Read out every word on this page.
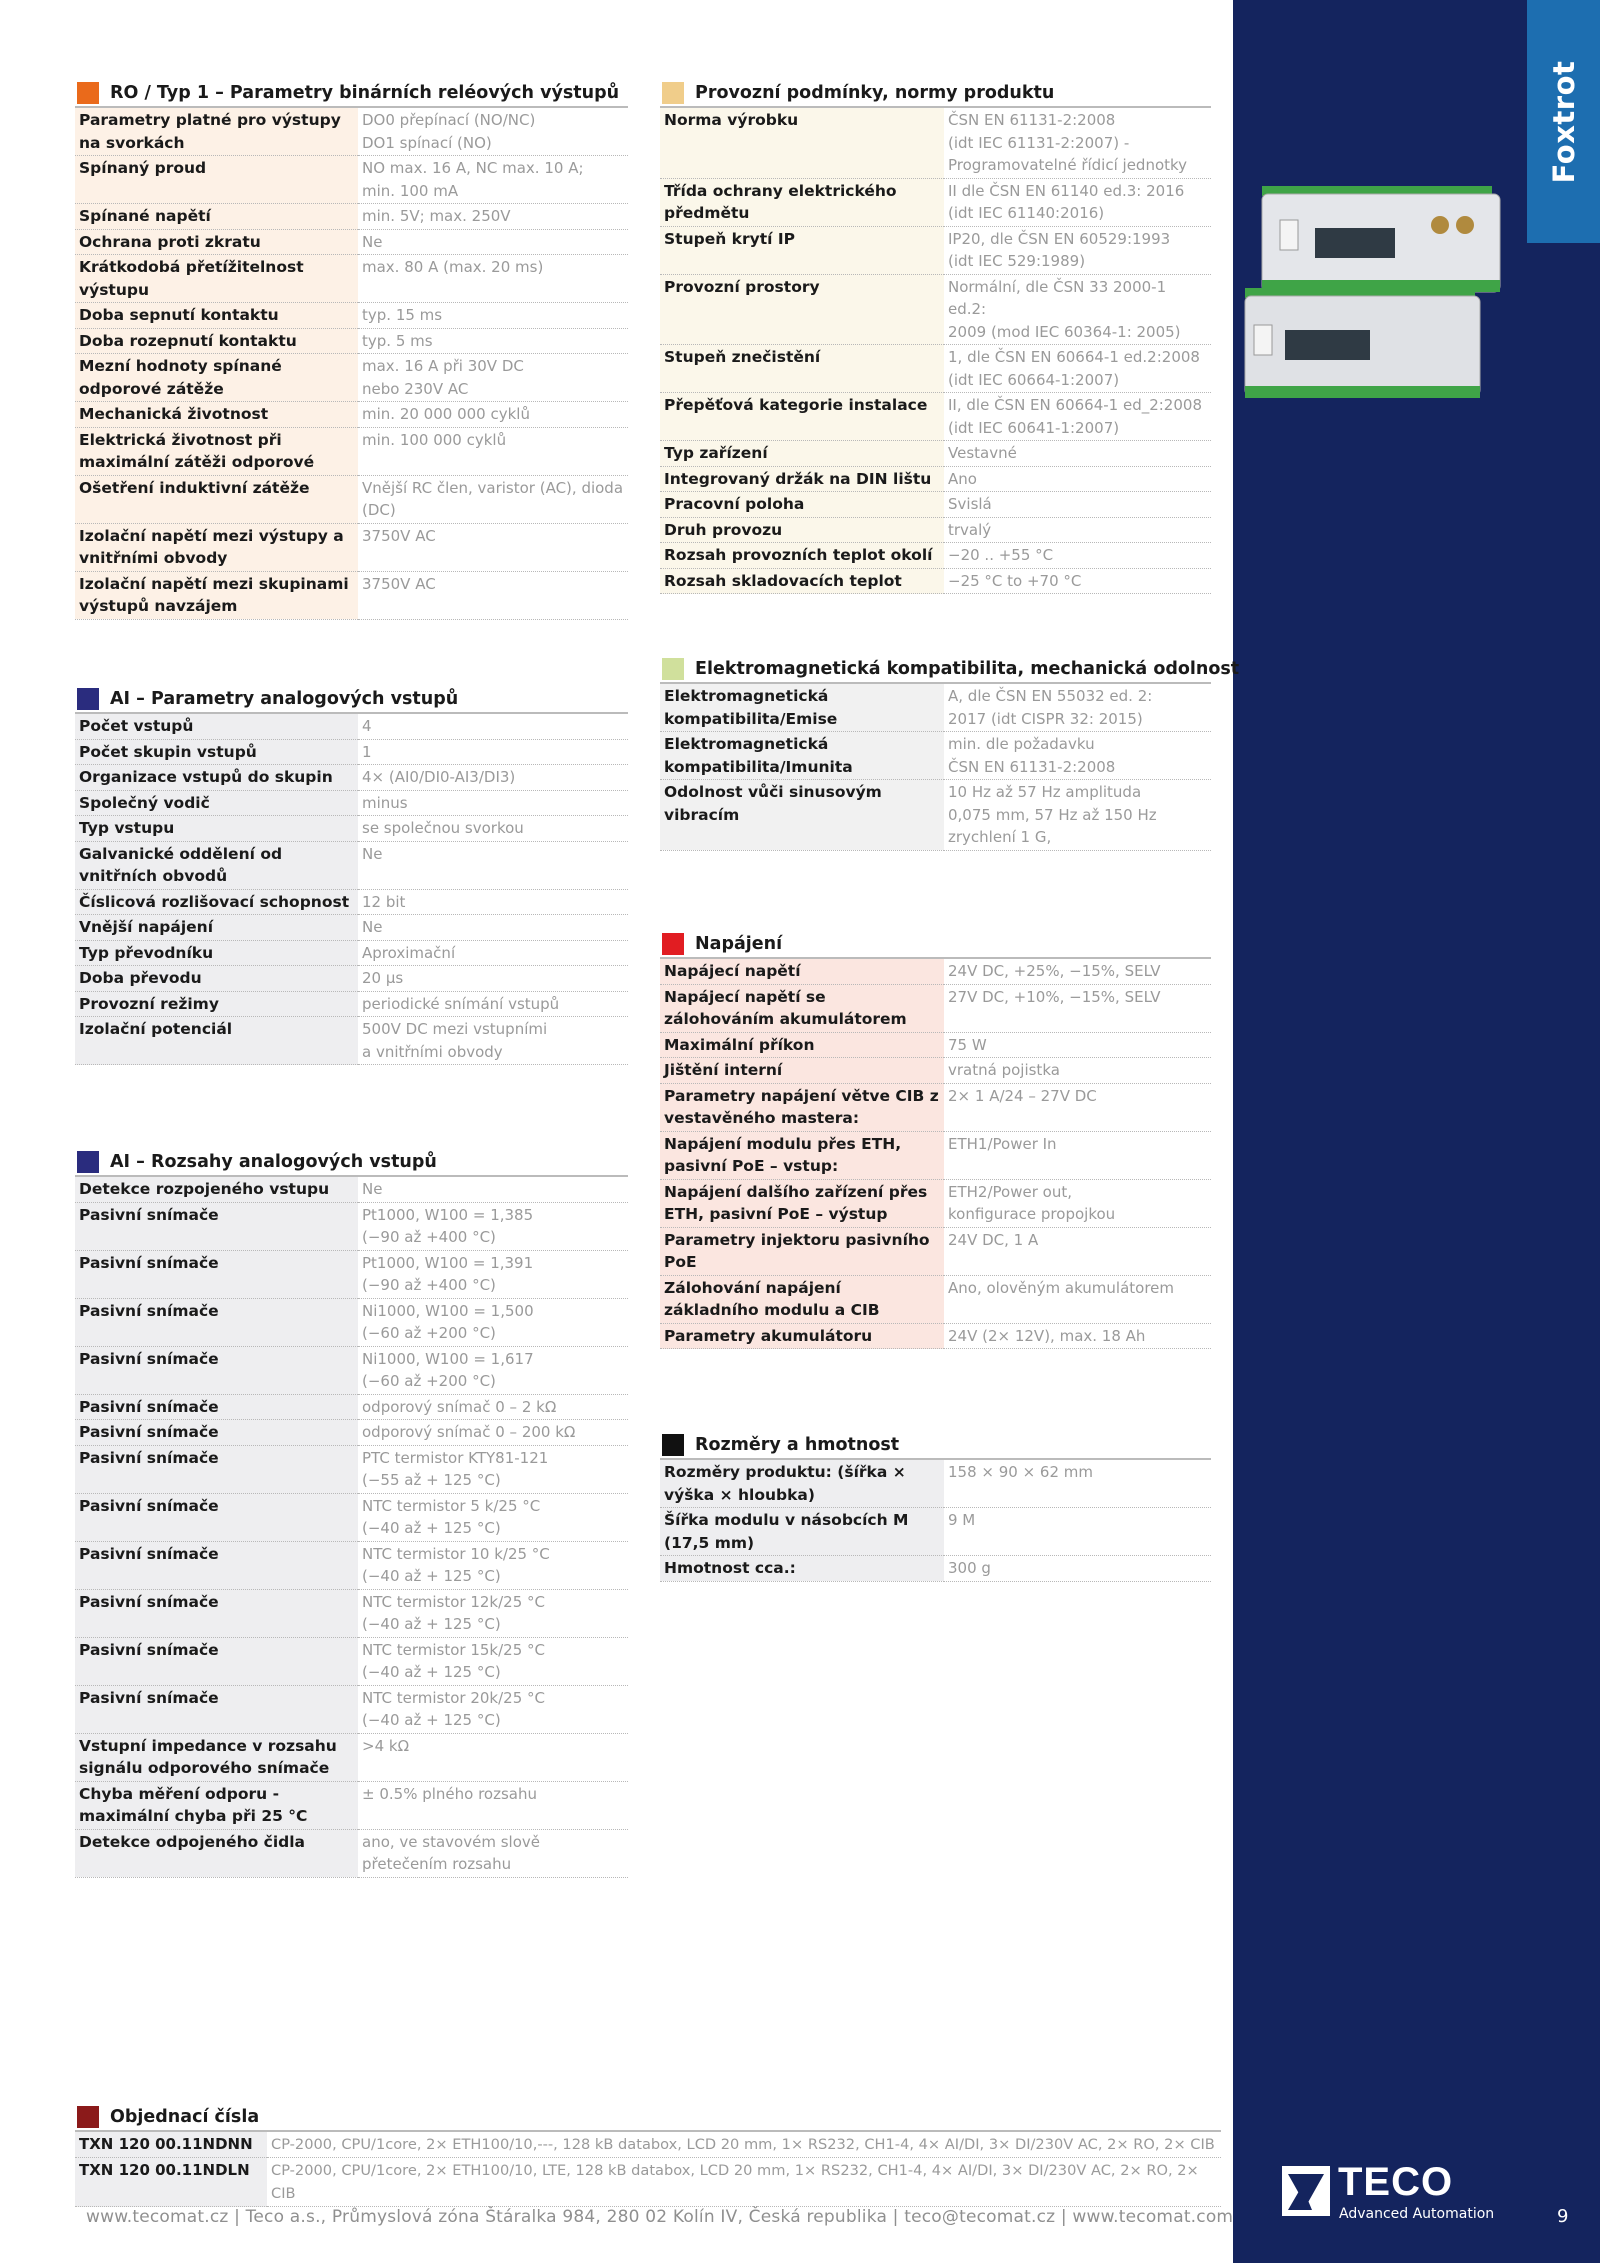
Foxtrot
RO / Typ 1 – Parametry binárních reléových výstupů
Parametry platné pro výstupy na svorkách	DO0 přepínací (NO/NC)
DO1 spínací (NO)
Spínaný proud	NO max. 16 A, NC max. 10 A;
min. 100 mA
Spínané napětí	min. 5V; max. 250V
Ochrana proti zkratu	Ne
Krátkodobá přetížitelnost výstupu	max. 80 A (max. 20 ms)
Doba sepnutí kontaktu	typ. 15 ms
Doba rozepnutí kontaktu	typ. 5 ms
Mezní hodnoty spínané odporové zátěže	max. 16 A při 30V DC
nebo 230V AC
Mechanická životnost	min. 20 000 000 cyklů
Elektrická životnost při maximální zátěži odporové	min. 100 000 cyklů
Ošetření induktivní zátěže	Vnější RC člen, varistor (AC), dioda (DC)
Izolační napětí mezi výstupy a vnitřními obvody	3750V AC
Izolační napětí mezi skupinami výstupů navzájem	3750V AC
Provozní podmínky, normy produktu
Norma výrobku	ČSN EN 61131-2:2008
(idt IEC 61131-2:2007) -
Programovatelné řídicí jednotky
Třída ochrany elektrického předmětu	II dle ČSN EN 61140 ed.3: 2016
(idt IEC 61140:2016)
Stupeň krytí IP	IP20, dle ČSN EN 60529:1993
(idt IEC 529:1989)
Provozní prostory	Normální, dle ČSN 33 2000-1 ed.2:
2009 (mod IEC 60364-1: 2005)
Stupeň znečistění	1, dle ČSN EN 60664-1 ed.2:2008
(idt IEC 60664-1:2007)
Přepěťová kategorie instalace	II, dle ČSN EN 60664-1 ed_2:2008
(idt IEC 60641-1:2007)
Typ zařízení	Vestavné
Integrovaný držák na DIN lištu	Ano
Pracovní poloha	Svislá
Druh provozu	trvalý
Rozsah provozních teplot okolí	−20 .. +55 °C
Rozsah skladovacích teplot	−25 °C to +70 °C
AI – Parametry analogových vstupů
Počet vstupů	4
Počet skupin vstupů	1
Organizace vstupů do skupin	4× (AI0/DI0-AI3/DI3)
Společný vodič	minus
Typ vstupu	se společnou svorkou
Galvanické oddělení od vnitřních obvodů	Ne
Číslicová rozlišovací schopnost	12 bit
Vnější napájení	Ne
Typ převodníku	Aproximační
Doba převodu	20 µs
Provozní režimy	periodické snímání vstupů
Izolační potenciál	500V DC mezi vstupními
a vnitřními obvody
Elektromagnetická kompatibilita, mechanická odolnost
Elektromagnetická kompatibilita/Emise	A, dle ČSN EN 55032 ed. 2:
2017 (idt CISPR 32: 2015)
Elektromagnetická kompatibilita/Imunita	min. dle požadavku
ČSN EN 61131-2:2008
Odolnost vůči sinusovým vibracím	10 Hz až 57 Hz amplituda
0,075 mm, 57 Hz až 150 Hz
zrychlení 1 G,
AI – Rozsahy analogových vstupů
Detekce rozpojeného vstupu	Ne
Pasivní snímače	Pt1000, W100 = 1,385
(−90 až +400 °C)
Pasivní snímače	Pt1000, W100 = 1,391
(−90 až +400 °C)
Pasivní snímače	Ni1000, W100 = 1,500
(−60 až +200 °C)
Pasivní snímače	Ni1000, W100 = 1,617
(−60 až +200 °C)
Pasivní snímače	odporový snímač 0 – 2 kΩ
Pasivní snímače	odporový snímač 0 – 200 kΩ
Pasivní snímače	PTC termistor KTY81-121
(−55 až + 125 °C)
Pasivní snímače	NTC termistor 5 k/25 °C
(−40 až + 125 °C)
Pasivní snímače	NTC termistor 10 k/25 °C
(−40 až + 125 °C)
Pasivní snímače	NTC termistor 12k/25 °C
(−40 až + 125 °C)
Pasivní snímače	NTC termistor 15k/25 °C
(−40 až + 125 °C)
Pasivní snímače	NTC termistor 20k/25 °C
(−40 až + 125 °C)
Vstupní impedance v rozsahu signálu odporového snímače	>4 kΩ
Chyba měření odporu - maximální chyba při 25 °C	± 0.5% plného rozsahu
Detekce odpojeného čidla	ano, ve stavovém slově přetečením rozsahu
Napájení
Napájecí napětí	24V DC, +25%, −15%, SELV
Napájecí napětí se zálohováním akumulátorem	27V DC, +10%, −15%, SELV
Maximální příkon	75 W
Jištění interní	vratná pojistka
Parametry napájení větve CIB z vestavěného mastera:	2× 1 A/24 – 27V DC
Napájení modulu přes ETH, pasivní PoE – vstup:	ETH1/Power In
Napájení dalšího zařízení přes ETH, pasivní PoE – výstup	ETH2/Power out,
konfigurace propojkou
Parametry injektoru pasivního PoE	24V DC, 1 A
Zálohování napájení základního modulu a CIB	Ano, olověným akumulátorem
Parametry akumulátoru	24V (2× 12V), max. 18 Ah
Rozměry a hmotnost
Rozměry produktu: (šířka × výška × hloubka)	158 × 90 × 62 mm
Šířka modulu v násobcích M (17,5 mm)	9 M
Hmotnost cca.:	300 g
Objednací čísla
TXN 120 00.11NDNN	CP-2000, CPU/1core, 2× ETH100/10,---, 128 kB databox, LCD 20 mm, 1× RS232, CH1-4, 4× AI/DI, 3× DI/230V AC, 2× RO, 2× CIB
TXN 120 00.11NDLN	CP-2000, CPU/1core, 2× ETH100/10, LTE, 128 kB databox, LCD 20 mm, 1× RS232, CH1-4, 4× AI/DI, 3× DI/230V AC, 2× RO, 2× CIB
www.tecomat.cz | Teco a.s., Průmyslová zóna Štáralka 984, 280 02 Kolín IV, Česká republika | teco@tecomat.cz | www.tecomat.com
TECO
Advanced Automation	9
